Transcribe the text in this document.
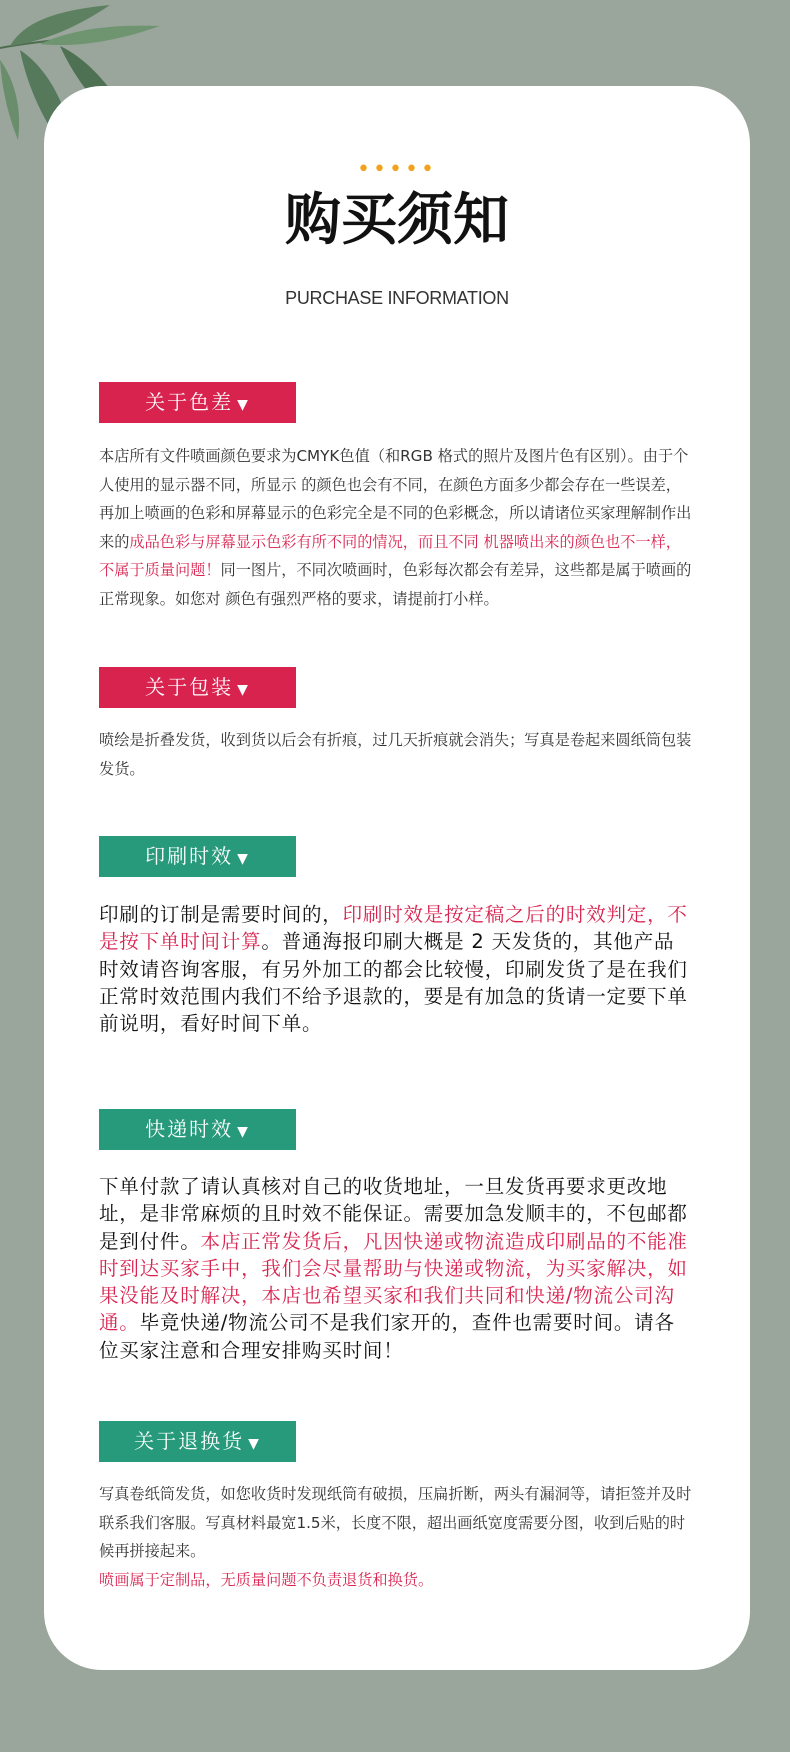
•••••
购买须知
PURCHASE INFORMATION
关于色差 ▼

本店所有文件喷画颜色要求为CMYK色值（和RGB 格式的照片及图片色有区别）。由于个人使用的显示器不同，所显示 的颜色也会有不同，在颜色方面多少都会存在一些误差，再加上喷画的色彩和屏幕显示的色彩完全是不同的色彩概念，所以请诸位买家理解制作出来的成品色彩与屏幕显示色彩有所不同的情况，而且不同 机器喷出来的颜色也不一样，不属于质量问题！同一图片，不同次喷画时，色彩每次都会有差异，这些都是属于喷画的正常现象。如您对 颜色有强烈严格的要求，请提前打小样。

关于包装 ▼

喷绘是折叠发货，收到货以后会有折痕，过几天折痕就会消失；写真是卷起来圆纸筒包装发货。

印刷时效 ▼

印刷的订制是需要时间的，印刷时效是按定稿之后的时效判定，不是按下单时间计算。普通海报印刷大概是 2 天发货的，其他产品时效请咨询客服，有另外加工的都会比较慢，印刷发货了是在我们正常时效范围内我们不给予退款的，要是有加急的货请一定要下单前说明，看好时间下单。

快递时效 ▼

下单付款了请认真核对自己的收货地址，一旦发货再要求更改地址，是非常麻烦的且时效不能保证。需要加急发顺丰的，不包邮都是到付件。本店正常发货后，凡因快递或物流造成印刷品的不能准时到达买家手中，我们会尽量帮助与快递或物流，为买家解决，如果没能及时解决，本店也希望买家和我们共同和快递/物流公司沟通。毕竟快递/物流公司不是我们家开的，查件也需要时间。请各位买家注意和合理安排购买时间！

关于退换货 ▼

写真卷纸筒发货，如您收货时发现纸筒有破损，压扁折断，两头有漏洞等，请拒签并及时联系我们客服。写真材料最宽1.5米，长度不限，超出画纸宽度需要分图，收到后贴的时候再拼接起来。
喷画属于定制品，无质量问题不负责退货和换货。
